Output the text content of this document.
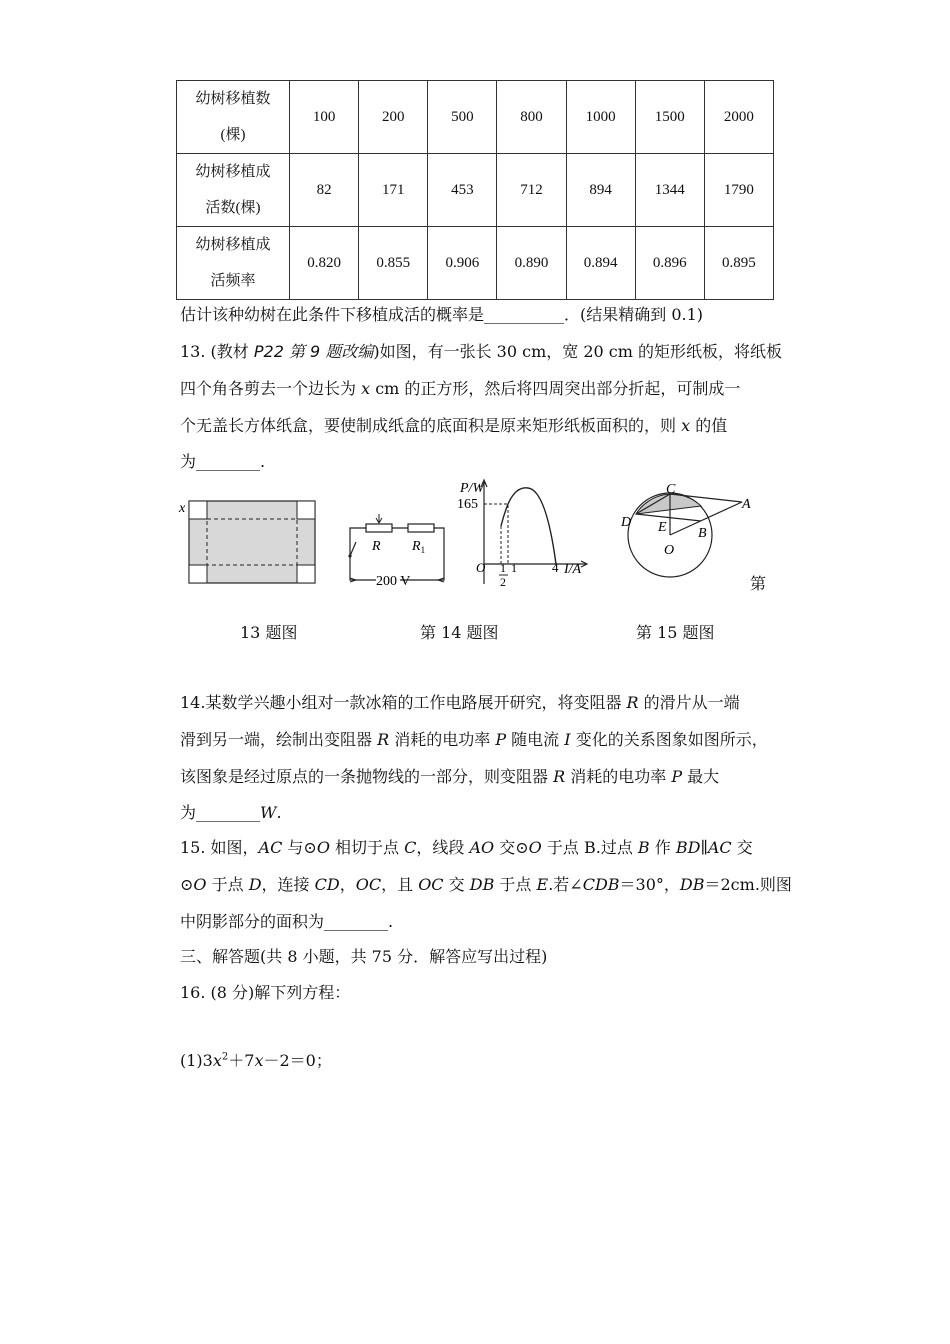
幼树移植数
(棵)	100	200	500	800	1000	1500	2000

幼树移植成
活数(棵)	82	171	453	712	894	1344	1790

幼树移植成
活频率	0.820	0.855	0.906	0.890	0.894	0.896	0.895
估计该种幼树在此条件下移植成活的概率是__________．(结果精确到 0.1)
13. (教材 P22 第 9 题改编)如图，有一张长 30 cm，宽 20 cm 的矩形纸板，将纸板
四个角各剪去一个边长为 x cm 的正方形，然后将四周突出部分折起，可制成一
个无盖长方体纸盒，要使制成纸盒的底面积是原来矩形纸板面积的，则 x 的值
为________.
x
R $R_1$
200 V
P/W
165
O 1
2
1	4 I/A
C
A
D E B
O
第
13 题图	第 14 题图	第 15 题图
14.某数学兴趣小组对一款冰箱的工作电路展开研究，将变阻器 R 的滑片从一端
滑到另一端，绘制出变阻器 R 消耗的电功率 P 随电流 I 变化的关系图象如图所示，
该图象是经过原点的一条抛物线的一部分，则变阻器 R 消耗的电功率 P 最大
为________W.
15. 如图，AC 与⊙O 相切于点 C，线段 AO 交⊙O 于点 B.过点 B 作 BD∥AC 交
⊙O 于点 D，连接 CD，OC，且 OC 交 DB 于点 E.若∠CDB＝30°，DB＝2cm.则图
中阴影部分的面积为________.
三、解答题(共 8 小题，共 75 分．解答应写出过程)
16. (8 分)解下列方程：
$(1)3x^2+7x-2=0$；
